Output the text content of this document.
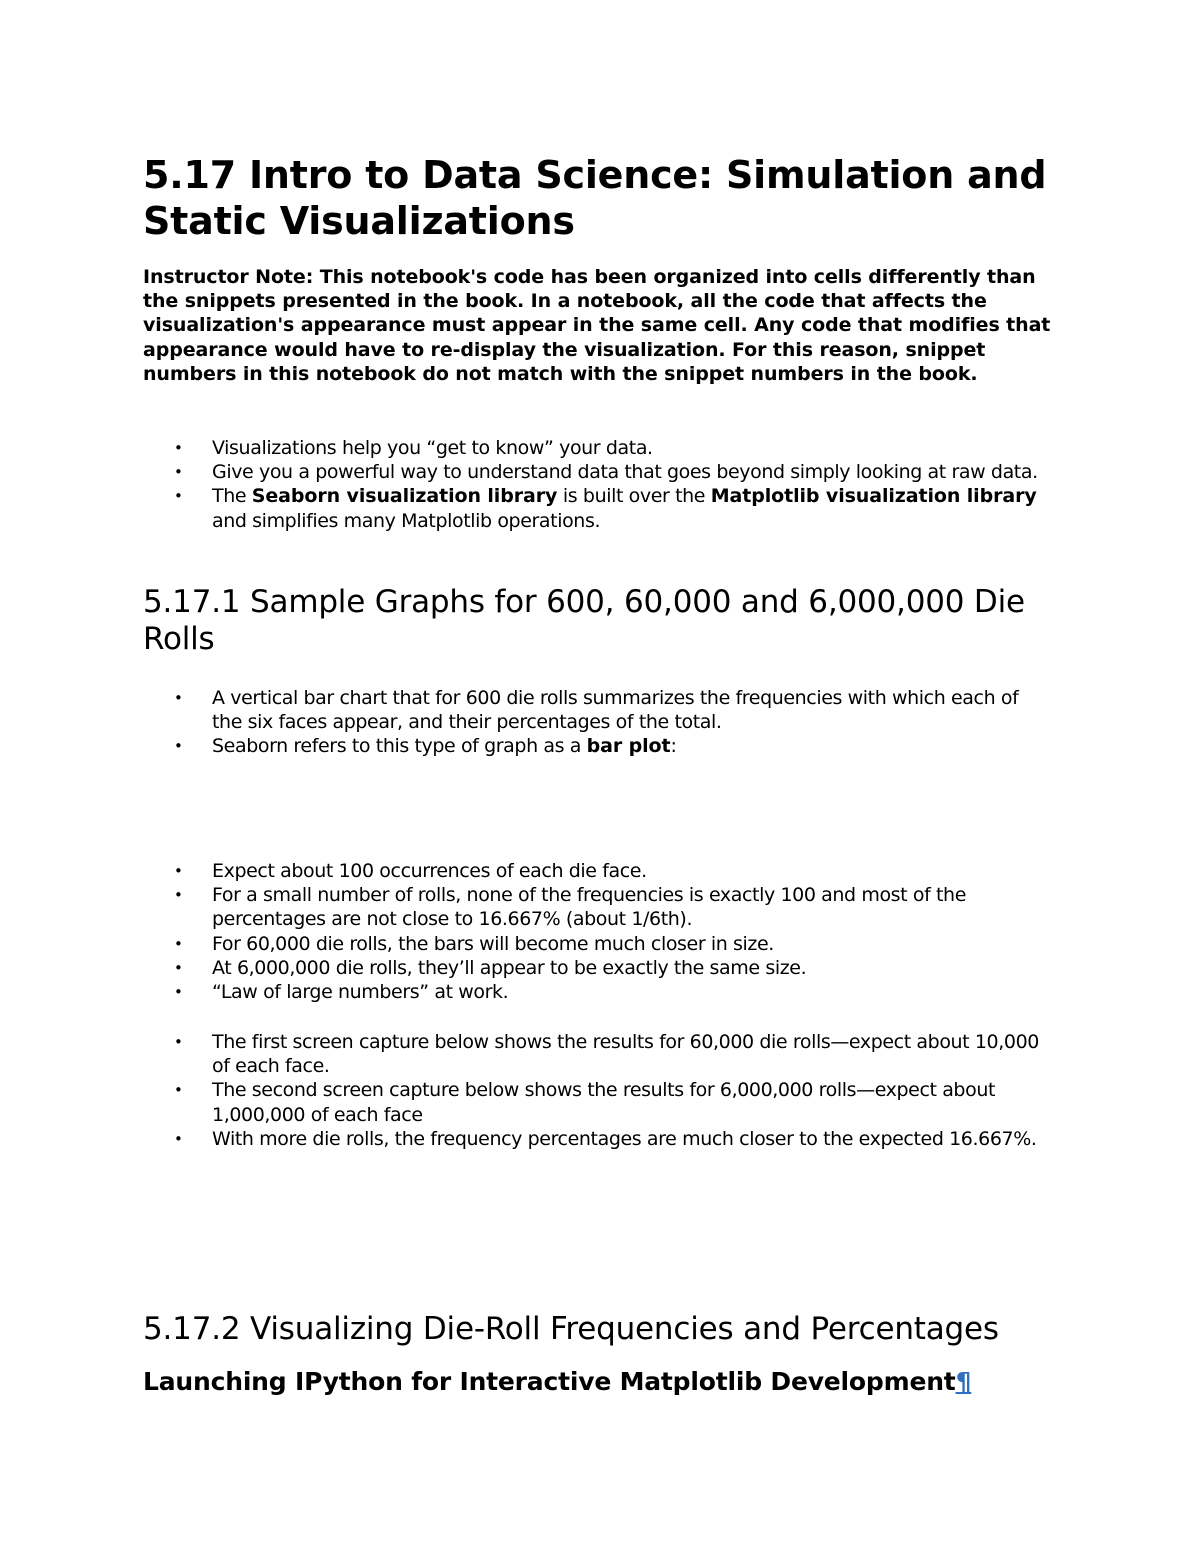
5.17 Intro to Data Science: Simulation and Static Visualizations

Instructor Note: This notebook's code has been organized into cells differently than the snippets presented in the book. In a notebook, all the code that affects the visualization's appearance must appear in the same cell. Any code that modifies that appearance would have to re-display the visualization. For this reason, snippet numbers in this notebook do not match with the snippet numbers in the book.

• Visualizations help you “get to know” your data.
• Give you a powerful way to understand data that goes beyond simply looking at raw data.
• The Seaborn visualization library is built over the Matplotlib visualization library and simplifies many Matplotlib operations.
5.17.1 Sample Graphs for 600, 60,000 and 6,000,000 Die Rolls
• A vertical bar chart that for 600 die rolls summarizes the frequencies with which each of the six faces appear, and their percentages of the total.
• Seaborn refers to this type of graph as a bar plot:
• Expect about 100 occurrences of each die face.
• For a small number of rolls, none of the frequencies is exactly 100 and most of the percentages are not close to 16.667% (about 1/6th).
• For 60,000 die rolls, the bars will become much closer in size.
• At 6,000,000 die rolls, they’ll appear to be exactly the same size.
• “Law of large numbers” at work.
• The first screen capture below shows the results for 60,000 die rolls—expect about 10,000 of each face.
• The second screen capture below shows the results for 6,000,000 rolls—expect about 1,000,000 of each face
• With more die rolls, the frequency percentages are much closer to the expected 16.667%.
5.17.2 Visualizing Die-Roll Frequencies and Percentages
Launching IPython for Interactive Matplotlib Development¶
